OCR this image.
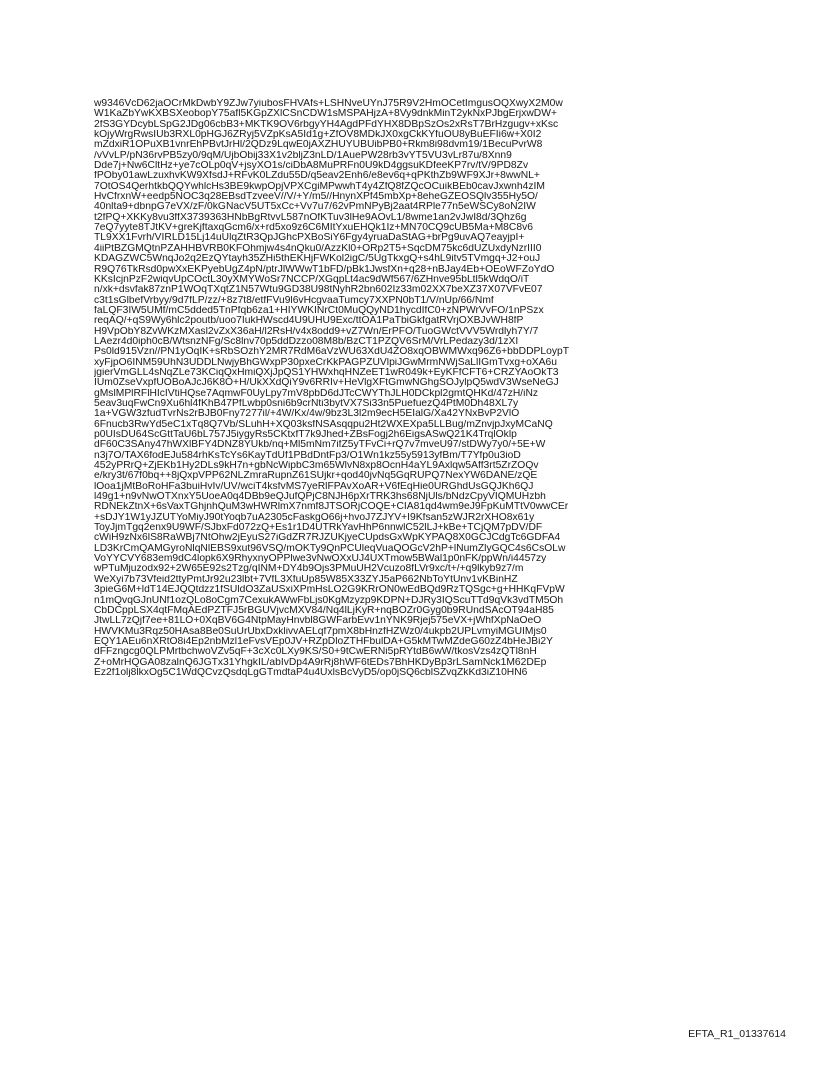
w9346VcD62jaOCrMkDwbY9ZJw7yiubosFHVAfs+LSHNveUYnJ75R9V2HmOCetImgusOQXwyX2M0w
W1KaZbYwKXBSXeobopY75afl5KGpZXlCSnCDW1sMSPAHjzA+8Vy9dnkMinT2ykNxPJbgErjxwDW+
2fS3GYDcybLSpG2JDg06cbB3+MKTK9OV6rbgyYH4AgdPFdYHX8DBpSzOs2xRsT7BrHzgugv+xKsc
kOjyWrgRwsIUb3RXL0pHGJ6ZRyj5VZpKsA5Id1g+ZfOV8MDkJX0xgCkKYfuOU8yBuEFIi6w+X0I2
mZdxiR1OPuXB1vnrEhPBvtJrHl/2QDz9LqwE0jAXZHUYUBUibPB0+Rkm8i98dvm19/1BecuPvrW8
/vVvLP/pN36rvPB5zy0/9qM/UjbObij33X1v2bljZ3nLD/1AuePW28rb3vYT5VU3vLr87u/8Xnn9
Dde7j+Nw6CltHz+ye7cOLp0qV+jsyXO1s/ciDbA8MuPRFn0U9kD4ggsuKDfeeKP7rv/tV/9PD8Zv
fPOby01awLzuxhvKW9XfsdJ+RFvK0LZdu55D/q5eav2Enh6/e8ev6q+qPKthZb9WF9XJr+8wwNL+
7OtOS4QerhtkbQQYwhlcHs3BE9kwpOpjVPXCgiMPwwhT4y4ZfQ8fZQcOCuikBEb0cavJxwnh4zIM
HvCfrxnW+eedp5NOC3q28EBsdTzveeV//V/+Y/m5//HnynXPf45mbXp+8eheGZEOSQlv355Hy5O/
40nlta9+dbnpG7eVX/zF/0kGNacV5UT5xCc+Vv7u7/62vPmNPyBj2aat4RPle77n5eWSCy8oN2IW
t2fPQ+XKKy8vu3ffX3739363HNbBgRtvvL587nOfKTuv3lHe9AOvL1/8wme1an2vJwI8d/3Qhz6g
7eQ7yyte8TJtKV+greKjftaxqGcm6/x+rd5xo9z6C6MItYxuEHQk1Iz+MN70CQ9cUB5Ma+M8C8v6
TL9XX1Fvrh/VIRLD15Lj14uUlqZtR3QpJGhcPXBoSiY6Fgy4yruaDaStAG+brPg9uvAQ7eayjpI+
4iiPtBZGMQtnPZAHHBVRB0KFOhmjw4s4nQku0/AzzKl0+ORp2T5+SqcDM75kc6dUZUxdyNzrIII0
KDAGZWC5WnqJo2q2EzQYtayh35ZHi5thEKHjFWKol2igC/5UgTkxgQ+s4hL9itv5TVmgq+J2+ouJ
R9Q76TkRsd0pwXxEKPyebUgZ4pN/ptrJlWWwT1bFD/pBk1JwsfXn+q28+nBJay4Eb+OEoWFZoYdO
KKsIcjnPzF2wiqvUpCOctL30yXMYWoSr7NCCP/XGqpLt4ac9dWf567/6ZHnve95bLtl5kWdqO/iT
n/xk+dsvfak87znP1WOqTXqtZ1N57Wtu9GD38U98tNyhR2bn602Iz33m02XX7beXZ37X07VFvE07
c3t1sGlbefVrbyy/9d7fLP/zz/+8z7t8/etfFVu9l6vHcgvaaTumcy7XXPN0bT1/V/nUp/66/Nmf
faLQF3IW5UMf/mC5dded5TnPfqb6za1+HIYWKINrCt0MuQQyND1hycdIfC0+zNPWrVvFO/1nPSzx
reqAQ/+qS9Wy6hlc2poutb/uoo7IukHWscd4U9UHU9Exc/ttOA1PaTbiGkfgatRVrjOXBJvWH8fP
H9VpObY8ZvWKzMXasl2vZxX36aH/l2RsH/v4x8odd9+vZ7Wn/ErPFO/TuoGWctVVV5Wrdlyh7Y/7
LAezr4d0iph0cB/WtsnzNFg/Sc8lnv70p5ddDzzo08M8b/BzCT1PZQV6SrM/VrLPedazy3d/1zXI
Ps0ld915Vzn//PN1yOqIK+sRbSOzhY2MR7RdM6aVzWU63XdU4ZO8xqOBWMWxq96Z6+bbDDPLoypT
xyFjpO6INM59UhN3UDDLNwjyBhGWxpP30pxeCrKkPAGPZUVlpiJGwMrmNWjSaLlIGmTvxg+oXA6u
jgierVmGLL4sNqZLe73KCiqQxHmiQXjJpQS1YHWxhqHNZeET1wR049k+EyKFfCFT6+CRZYAoOkT3
IUm0ZseVxpfUOBoAJcJ6K8O+H/UkXXdQiY9v6RRIv+HeVlgXFtGmwNGhgSOJylpQ5wdV3WseNeGJ
gMslMPlRFlHIcIVtiHQse7AqmwF0UyLpy7mV8pbD6dJTcCWYThJLH0DCkpl2gmtQHKd/47zH/iNz
5eav3uqFwCn9Xu6hl4fKhB47PfLwbp0sni6b9crNti3bytVX7Si33n5PuefuezQ4PtM0Dh48XL7y
1a+VGW3zfudTvrNs2rBJB0Fny7277il/+4W/Kx/4w/9bz3L3l2m9ecH5EIalG/Xa42YNxBvP2VlO
6Fnucb3RwYd5eC1xTq8Q7Vb/SLuhH+XQ03ksfNSAsqqpu2Ht2WXEXpa5LLBug/mZnvjpJxyMCaNQ
p0UIsDU64ScGttTaU6bL757J5iygyRs5CKtxfT7k9Jhed+ZBsFogj2h6EigsASwQ21K4TrqlOklp
dF60C3SAny47hWXlBFY4DNZ8YUkb/nq+Ml5mNm7ifZ5yTFvCi+rQ7v7mveU97/stDWy7y0/+5E+W
n3j7O/TAX6fodEJu584rhKsTcYs6KayTdUf1PBdDntFp3/O1Wn1kz55y5913yfBm/T7Yfp0u3ioD
452yPRrQ+ZjEKb1Hy2DLs9kH7n+gbNcWipbC3m65WlvN8xp8OcnH4aYL9Axlqw5Aff3rt5ZrZOQv
e/kry3t/67f0bq++8jQxpVPP62NLZmraRupnZ61SUjkr+qod40jvNq5GqRUPQ7NexYW6DANE/zQE
lOoa1jMtBoRoHFa3buiHvIv/UV/wciT4ksfvMS7yeRlFPAvXoAR+V6fEqHie0URGhdUsGQJKh6QJ
l49g1+n9vNwOTXnxY5UoeA0q4DBb9eQJufQPjC8NJH6pXrTRK3hs68NjUls/bNdzCpyVIQMUHzbh
RDNEkZtnX+6sVaxTGhjnhQuM3wHWRlmX7nmf8JTSORjCOQE+CIA81qd4wm9eJ9FpKuMTtV0wwCEr
+sDJY1W1yJZUTYoMiyJ90tYoqb7uA2305cFaskgO66j+hvoJ7ZJYV+I9Kfsan5zWJR2rXHO8x61y
ToyJjmTgq2enx9U9WF/SJbxFd072zQ+Es1r1D4UTRkYavHhP6nnwlC52lLJ+kBe+TCjQM7pDV/DF
cWiH9zNx6lS8RaWBj7NtOhw2jEyuS27iGdZR7RJZUKjyeCUpdsGxWpKYPAQ8X0GCJCdgTc6GDFA4
LD3KrCmQAMGyroNlqNlEBS9xut96VSQ/mOKTy9QnPCUleqVuaQOGcV2hP+lNumZlyGQC4s6CsOLw
VoYYCVY683em9dC4lopk6X9RhyxnyOPPlwe3vNwOXxUJ4UXTmow5BWal1p0nFK/ppWn/i4457zy
wPTuMjuzodx92+2W65E92s2Tzg/qINM+DY4b9Ojs3PMuUH2Vcuzo8fLVr9xc/t+/+q9lkyb9z7/m
WeXyi7b73Vfeid2ttyPmtJr92u23lbt+7VfL3XfuUp85W85X33ZYJ5aP662NbToYtUnv1vKBinHZ
3pieG6M+ldT14EJQQtdzz1fSUldO3ZaUSxiXPmHsLO2G9KRrON0wEdBQd9RzTQSgc+g+HHKqFVpW
n1mQvqGJnUNf1ozQLo8oCgm7CexukAWwFbLjs0KgMzyzp9KDPN+DJRy3IQScuTTd9qVk3vdTM5Oh
CbDCppLSX4qtFMqAEdPZTFJ5rBGUVjvcMXV84/Nq4lLjKyR+nqBOZr0Gyg0b9RUndSAcOT94aH85
JtwLL7zQjf7ee+81LO+0XqBV6G4NtpMayHnvbl8GWFarbEvv1nYNK9Rjej575eVX+jWhfXpNaOeO
HWVKMu3Rqz50HAsa8Be0SuUrUbxDxklivvAELqf7pmX8bHnzfHZWz0/4ukpb2UPLvmyiMGUIMjs0
EQY1AEu6nXRtO8i4Ep2nbMzl1eFvsVEp0JV+RZpDloZTHFbulDA+G5kMTwMZdeG60zZ4bHeJBi2Y
dFFzngcg0QLPMrtbchwoVZv5qF+3cXc0LXy9KS/S0+9tCwERNi5pRYtdB6wW/tkosVzs4zQTl8nH
Z+oMrHQGA08zalnQ6JGTx31YhgkIL/abIvDp4A9rRj8hWF6tEDs7BhHKDyBp3rLSamNck1M62DEp
Ez2f1olj8lkxOg5C1WdQCvzQsdqLgGTmdtaP4u4UxlsBcVyD5/op0jSQ6cblSZvqZkKd3iZ10HN6
EFTA_R1_01337614
